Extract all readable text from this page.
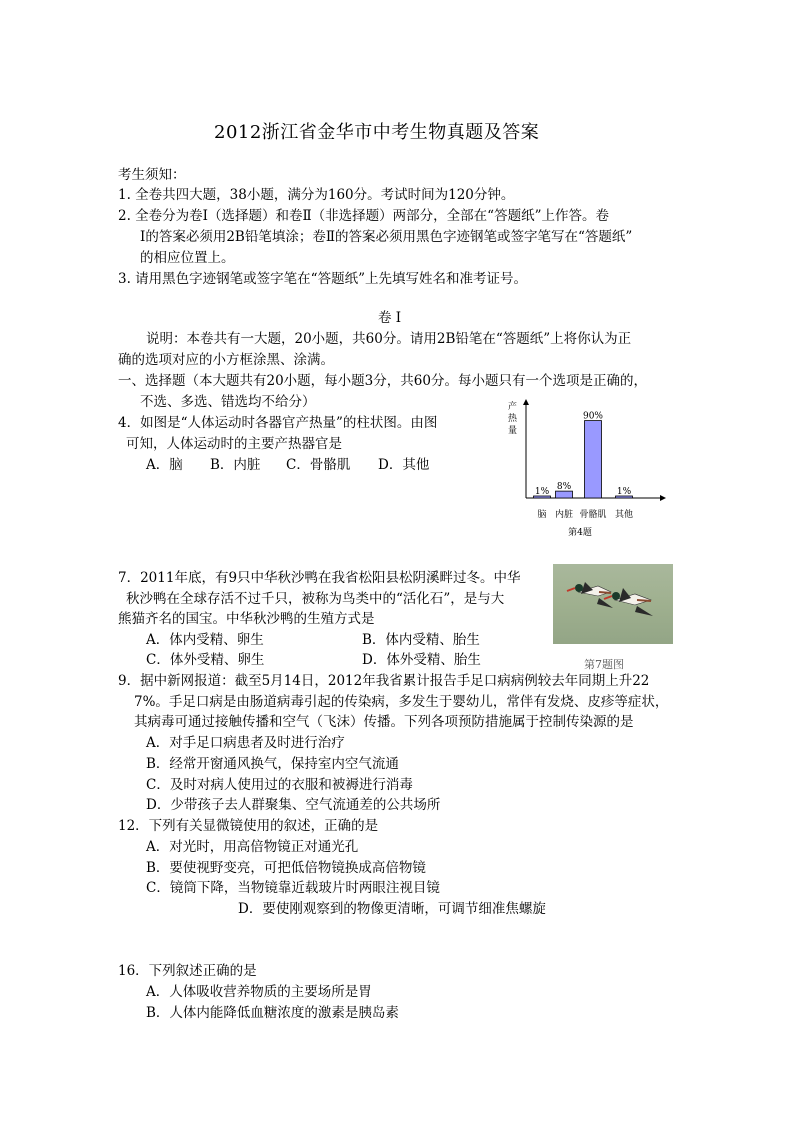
2012浙江省金华市中考生物真题及答案
考生须知：
1. 全卷共四大题，38小题，满分为160分。考试时间为120分钟。
2. 全卷分为卷Ⅰ（选择题）和卷Ⅱ（非选择题）两部分，全部在“答题纸”上作答。卷
Ⅰ的答案必须用2B铅笔填涂；卷Ⅱ的答案必须用黑色字迹钢笔或签字笔写在“答题纸”
的相应位置上。
3. 请用黑色字迹钢笔或签字笔在“答题纸”上先填写姓名和准考证号。
卷 Ⅰ
说明：本卷共有一大题，20小题，共60分。请用2B铅笔在“答题纸”上将你认为正
确的选项对应的小方框涂黑、涂满。
一、选择题（本大题共有20小题，每小题3分，共60分。每小题只有一个选项是正确的，
不选、多选、错选均不给分）
4．如图是“人体运动时各器官产热量”的柱状图。由图
可知，人体运动时的主要产热器官是
A．脑 B．内脏 C．骨骼肌 D．其他
产 热 量
1%
脑
8%
内脏
90%
骨骼肌
1%
其他
第4题
7．2011年底，有9只中华秋沙鸭在我省松阳县松阴溪畔过冬。中华
秋沙鸭在全球存活不过千只，被称为鸟类中的“活化石”，是与大
熊猫齐名的国宝。中华秋沙鸭的生殖方式是
A．体内受精、卵生	B．体内受精、胎生
C．体外受精、卵生	D．体外受精、胎生	第7题图
9．据中新网报道：截至5月14日，2012年我省累计报告手足口病病例较去年同期上升22
7%。手足口病是由肠道病毒引起的传染病，多发生于婴幼儿，常伴有发烧、皮疹等症状，
其病毒可通过接触传播和空气（飞沫）传播。下列各项预防措施属于控制传染源的是
A．对手足口病患者及时进行治疗
B．经常开窗通风换气，保持室内空气流通
C．及时对病人使用过的衣服和被褥进行消毒
D．少带孩子去人群聚集、空气流通差的公共场所
12．下列有关显微镜使用的叙述，正确的是
A．对光时，用高倍物镜正对通光孔
B．要使视野变亮，可把低倍物镜换成高倍物镜
C．镜筒下降，当物镜靠近载玻片时两眼注视目镜
D．要使刚观察到的物像更清晰，可调节细准焦螺旋
16．下列叙述正确的是
A．人体吸收营养物质的主要场所是胃
B．人体内能降低血糖浓度的激素是胰岛素
